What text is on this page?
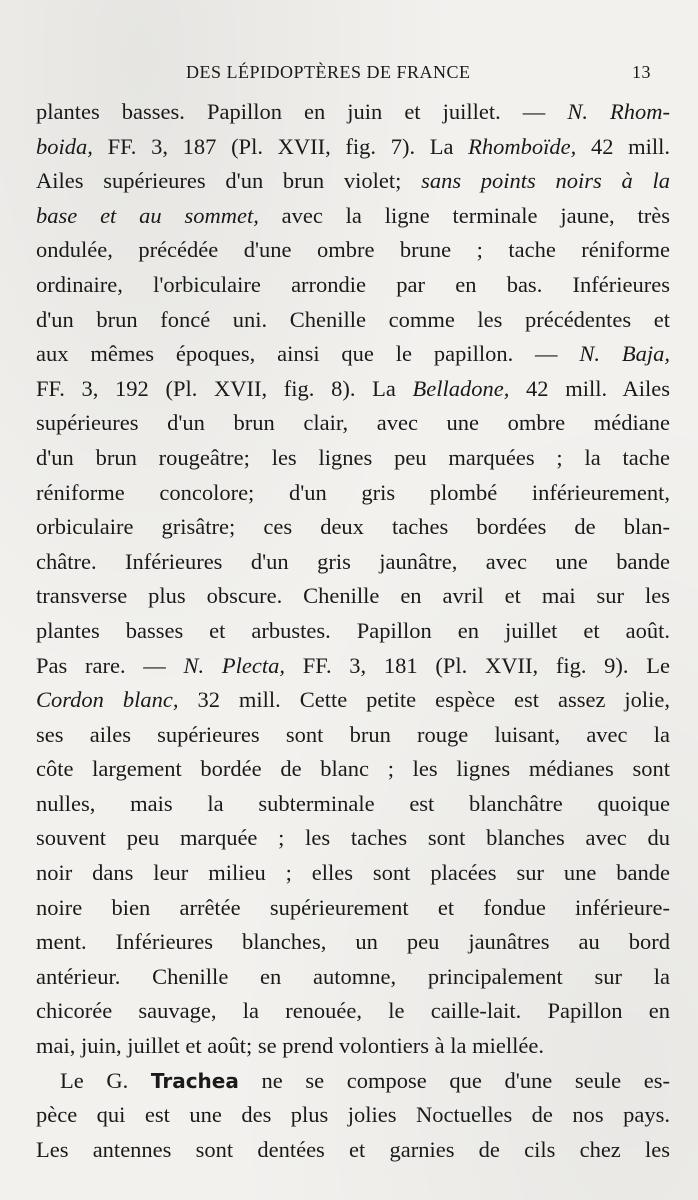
DES LÉPIDOPTÈRES DE FRANCE	13
plantes basses. Papillon en juin et juillet. — N. Rhom-
boida, FF. 3, 187 (Pl. XVII, fig. 7). La Rhomboïde, 42 mill.
Ailes supérieures d'un brun violet; sans points noirs à la
base et au sommet, avec la ligne terminale jaune, très
ondulée, précédée d'une ombre brune ; tache réniforme
ordinaire, l'orbiculaire arrondie par en bas. Inférieures
d'un brun foncé uni. Chenille comme les précédentes et
aux mêmes époques, ainsi que le papillon. — N. Baja,
FF. 3, 192 (Pl. XVII, fig. 8). La Belladone, 42 mill. Ailes
supérieures d'un brun clair, avec une ombre médiane
d'un brun rougeâtre; les lignes peu marquées ; la tache
réniforme concolore; d'un gris plombé inférieurement,
orbiculaire grisâtre; ces deux taches bordées de blan-
châtre. Inférieures d'un gris jaunâtre, avec une bande
transverse plus obscure. Chenille en avril et mai sur les
plantes basses et arbustes. Papillon en juillet et août.
Pas rare. — N. Plecta, FF. 3, 181 (Pl. XVII, fig. 9). Le
Cordon blanc, 32 mill. Cette petite espèce est assez jolie,
ses ailes supérieures sont brun rouge luisant, avec la
côte largement bordée de blanc ; les lignes médianes sont
nulles, mais la subterminale est blanchâtre quoique
souvent peu marquée ; les taches sont blanches avec du
noir dans leur milieu ; elles sont placées sur une bande
noire bien arrêtée supérieurement et fondue inférieure-
ment. Inférieures blanches, un peu jaunâtres au bord
antérieur. Chenille en automne, principalement sur la
chicorée sauvage, la renouée, le caille-lait. Papillon en
mai, juin, juillet et août; se prend volontiers à la miellée.
Le G. Trachea ne se compose que d'une seule es-
pèce qui est une des plus jolies Noctuelles de nos pays.
Les antennes sont dentées et garnies de cils chez les
